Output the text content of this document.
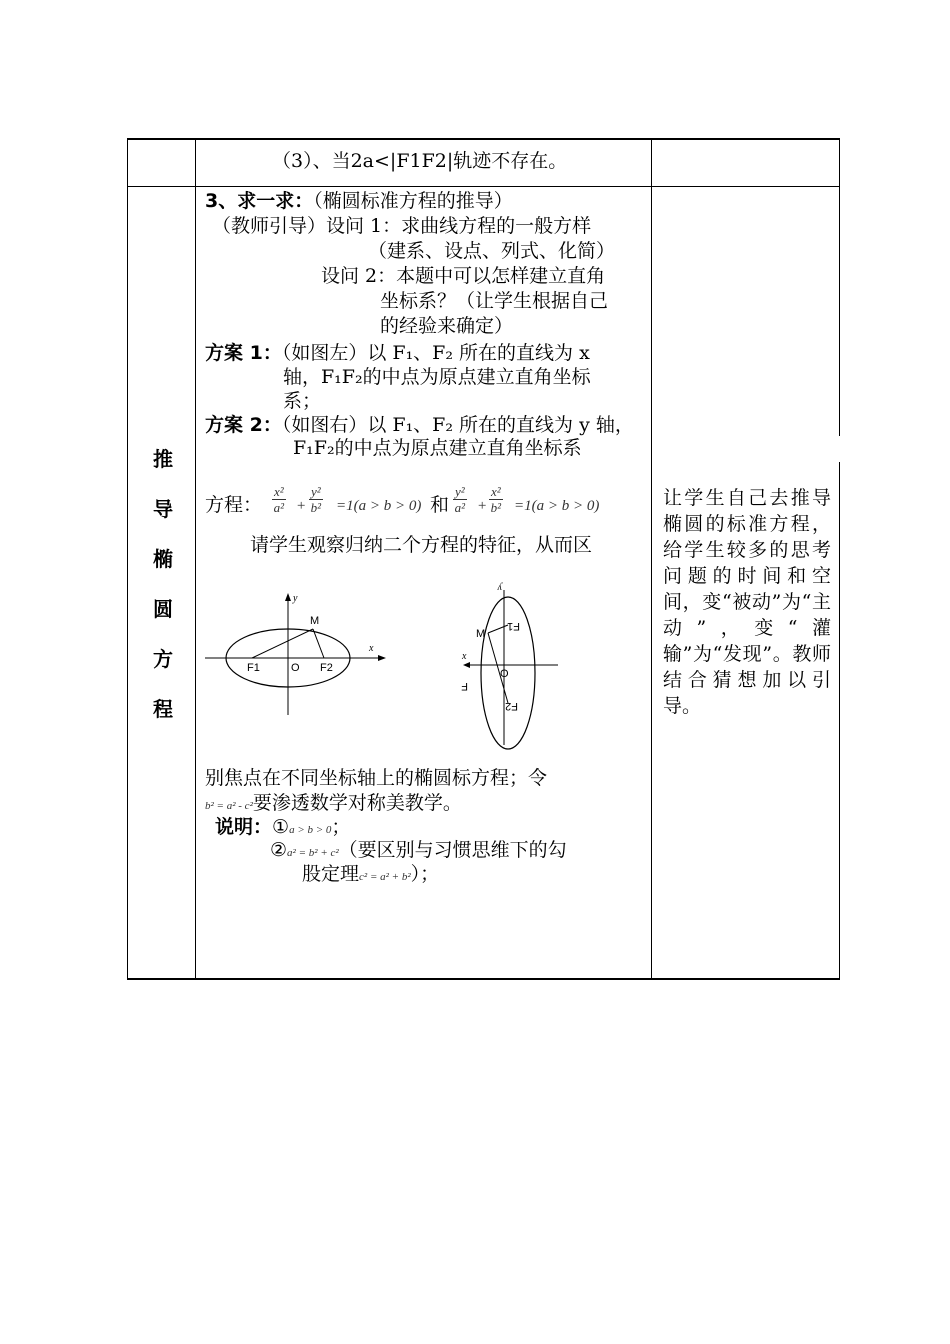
（3）、当2a<|F1F2|轨迹不存在。
推
导
椭
圆
方
程
3、求一求：（椭圆标准方程的推导）
（教师引导）设问 1：求曲线方程的一般方样
（建系、设点、列式、化简）
设问 2：本题中可以怎样建立直角
坐标系？（让学生根据自己
的经验来确定）
方案 1：（如图左）以 F₁、F₂ 所在的直线为 x
轴，F₁F₂的中点为原点建立直角坐标
系；
方案 2：（如图右）以 F₁、F₂ 所在的直线为 y 轴，
F₁F₂的中点为原点建立直角坐标系
方程： $\frac{\text{x²}}{\text{a²}} + \frac{\text{y²}}{\text{b²}} =1(a > b > 0)$ 和 $\frac{\text{y²}}{\text{a²}} + \frac{\text{x²}}{\text{b²}} =1(a > b > 0)$
请学生观察归纳二个方程的特征，从而区
y
x
M
F1	O F2
y
x
M
F1
O
F
F2
别焦点在不同坐标轴上的椭圆标方程；令
b² = a² - c²要渗透数学对称美教学。
说明：①a > b > 0；
②a² = b² + c²（要区别与习惯思维下的勾
股定理c² = a² + b²）；
让学生自己去推导椭圆的标准方程，给学生较多的思考问题的时间和空间，变“被动”为“主动”，变“灌输”为“发现”。教师结合猜想加以引导。
